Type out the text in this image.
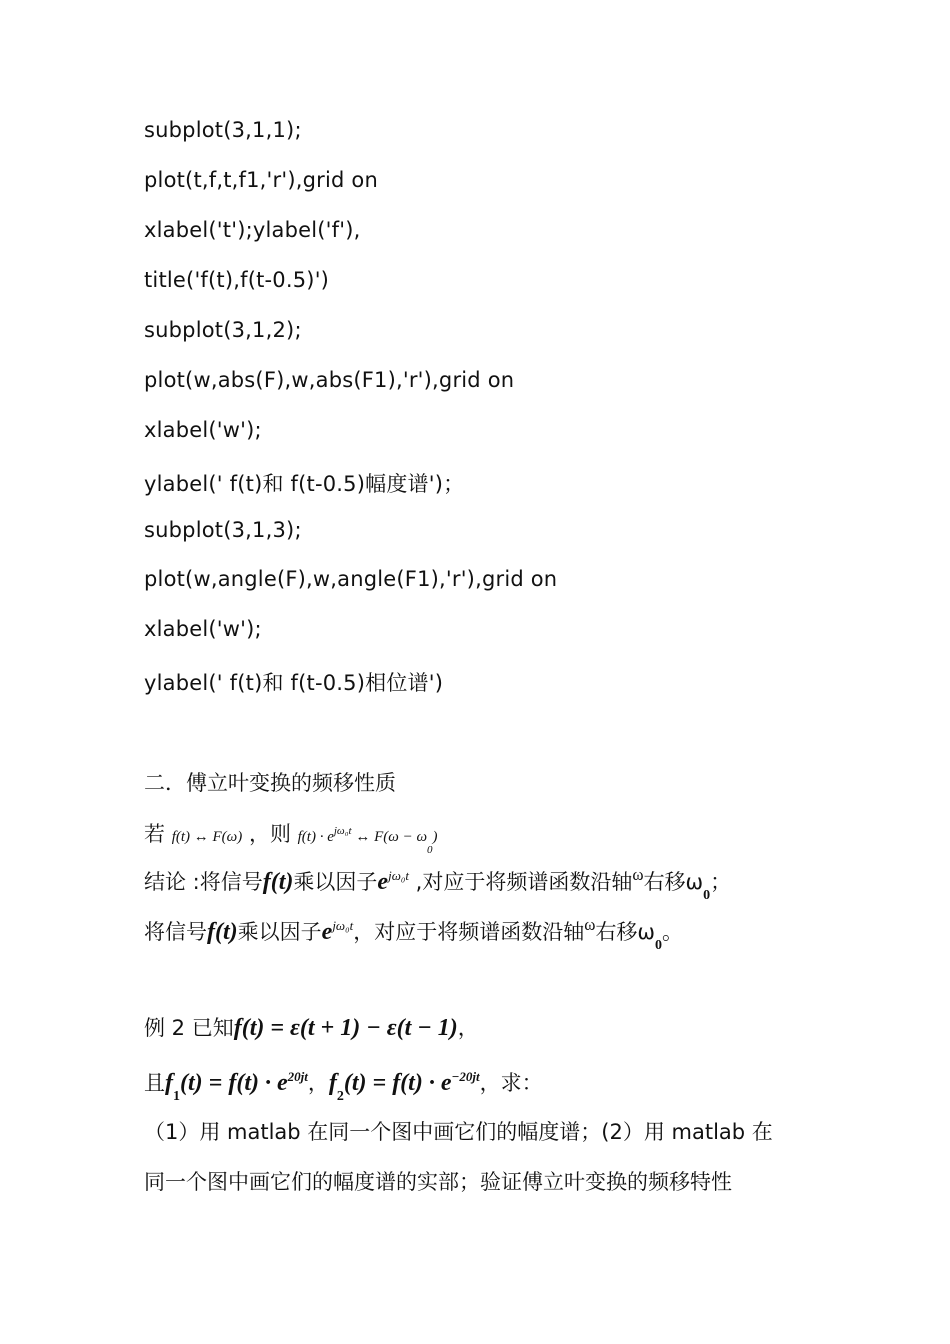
subplot(3,1,1);
plot(t,f,t,f1,'r'),grid on
xlabel('t');ylabel('f'),
title('f(t),f(t-0.5)')
subplot(3,1,2);
plot(w,abs(F),w,abs(F1),'r'),grid on
xlabel('w');
ylabel(' f(t)和 f(t-0.5)幅度谱')；
subplot(3,1,3);
plot(w,angle(F),w,angle(F1),'r'),grid on
xlabel('w');
ylabel(' f(t)和 f(t-0.5)相位谱')
二．傅立叶变换的频移性质
若 f(t) ↔ F(ω) ，则 $f(t) \cdot e^{j\omega_0t}$ ↔ $F(\omega - \omega_0)$
结论 :将信号f(t)乘以因子$e^{j\omega_0t}$ ,对应于将频谱函数沿轴$^\omega$右移$\omega_0$；
将信号f(t)乘以因子$e^{j\omega_0t}$，对应于将频谱函数沿轴$^\omega$右移$\omega_0$。
例 2 已知f(t) = ε(t + 1) − ε(t − 1)，
且$f_1(t) = f(t) \cdot e^{20jt}$，$f_2(t) = f(t) \cdot e^{-20jt}$，求：
（1）用 matlab 在同一个图中画它们的幅度谱；(2）用 matlab 在
同一个图中画它们的幅度谱的实部；验证傅立叶变换的频移特性
